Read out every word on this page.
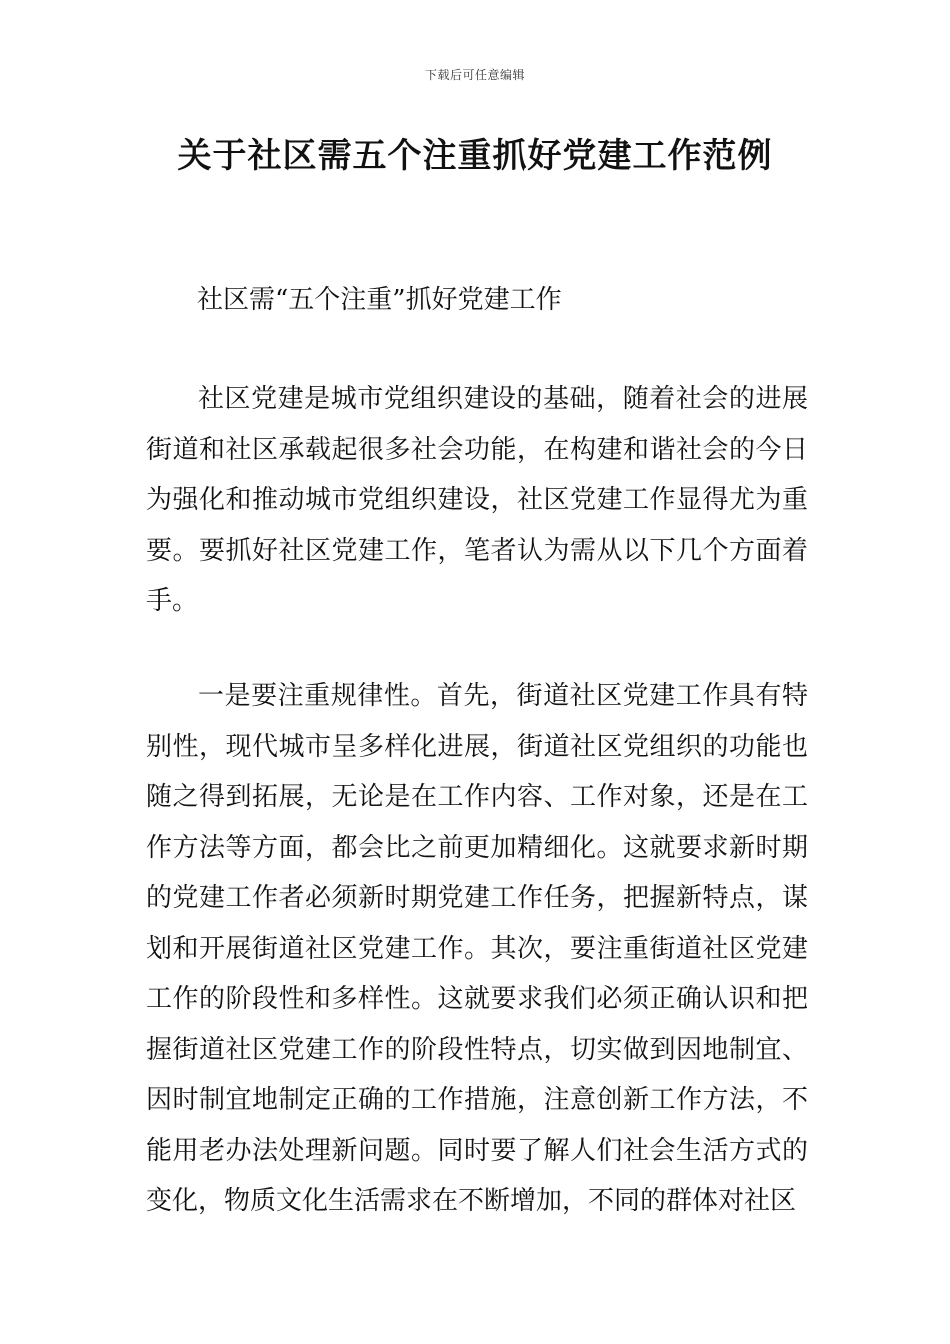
下载后可任意编辑
关于社区需五个注重抓好党建工作范例
社区需“五个注重”抓好党建工作

社区党建是城市党组织建设的基础，随着社会的进展街道和社区承载起很多社会功能，在构建和谐社会的今日为强化和推动城市党组织建设，社区党建工作显得尤为重要。要抓好社区党建工作，笔者认为需从以下几个方面着手。

一是要注重规律性。首先，街道社区党建工作具有特别性，现代城市呈多样化进展，街道社区党组织的功能也随之得到拓展，无论是在工作内容、工作对象，还是在工作方法等方面，都会比之前更加精细化。这就要求新时期的党建工作者必须新时期党建工作任务，把握新特点，谋划和开展街道社区党建工作。其次，要注重街道社区党建工作的阶段性和多样性。这就要求我们必须正确认识和把握街道社区党建工作的阶段性特点，切实做到因地制宜、因时制宜地制定正确的工作措施，注意创新工作方法，不能用老办法处理新问题。同时要了解人们社会生活方式的变化，物质文化生活需求在不断增加，不同的群体对社区
